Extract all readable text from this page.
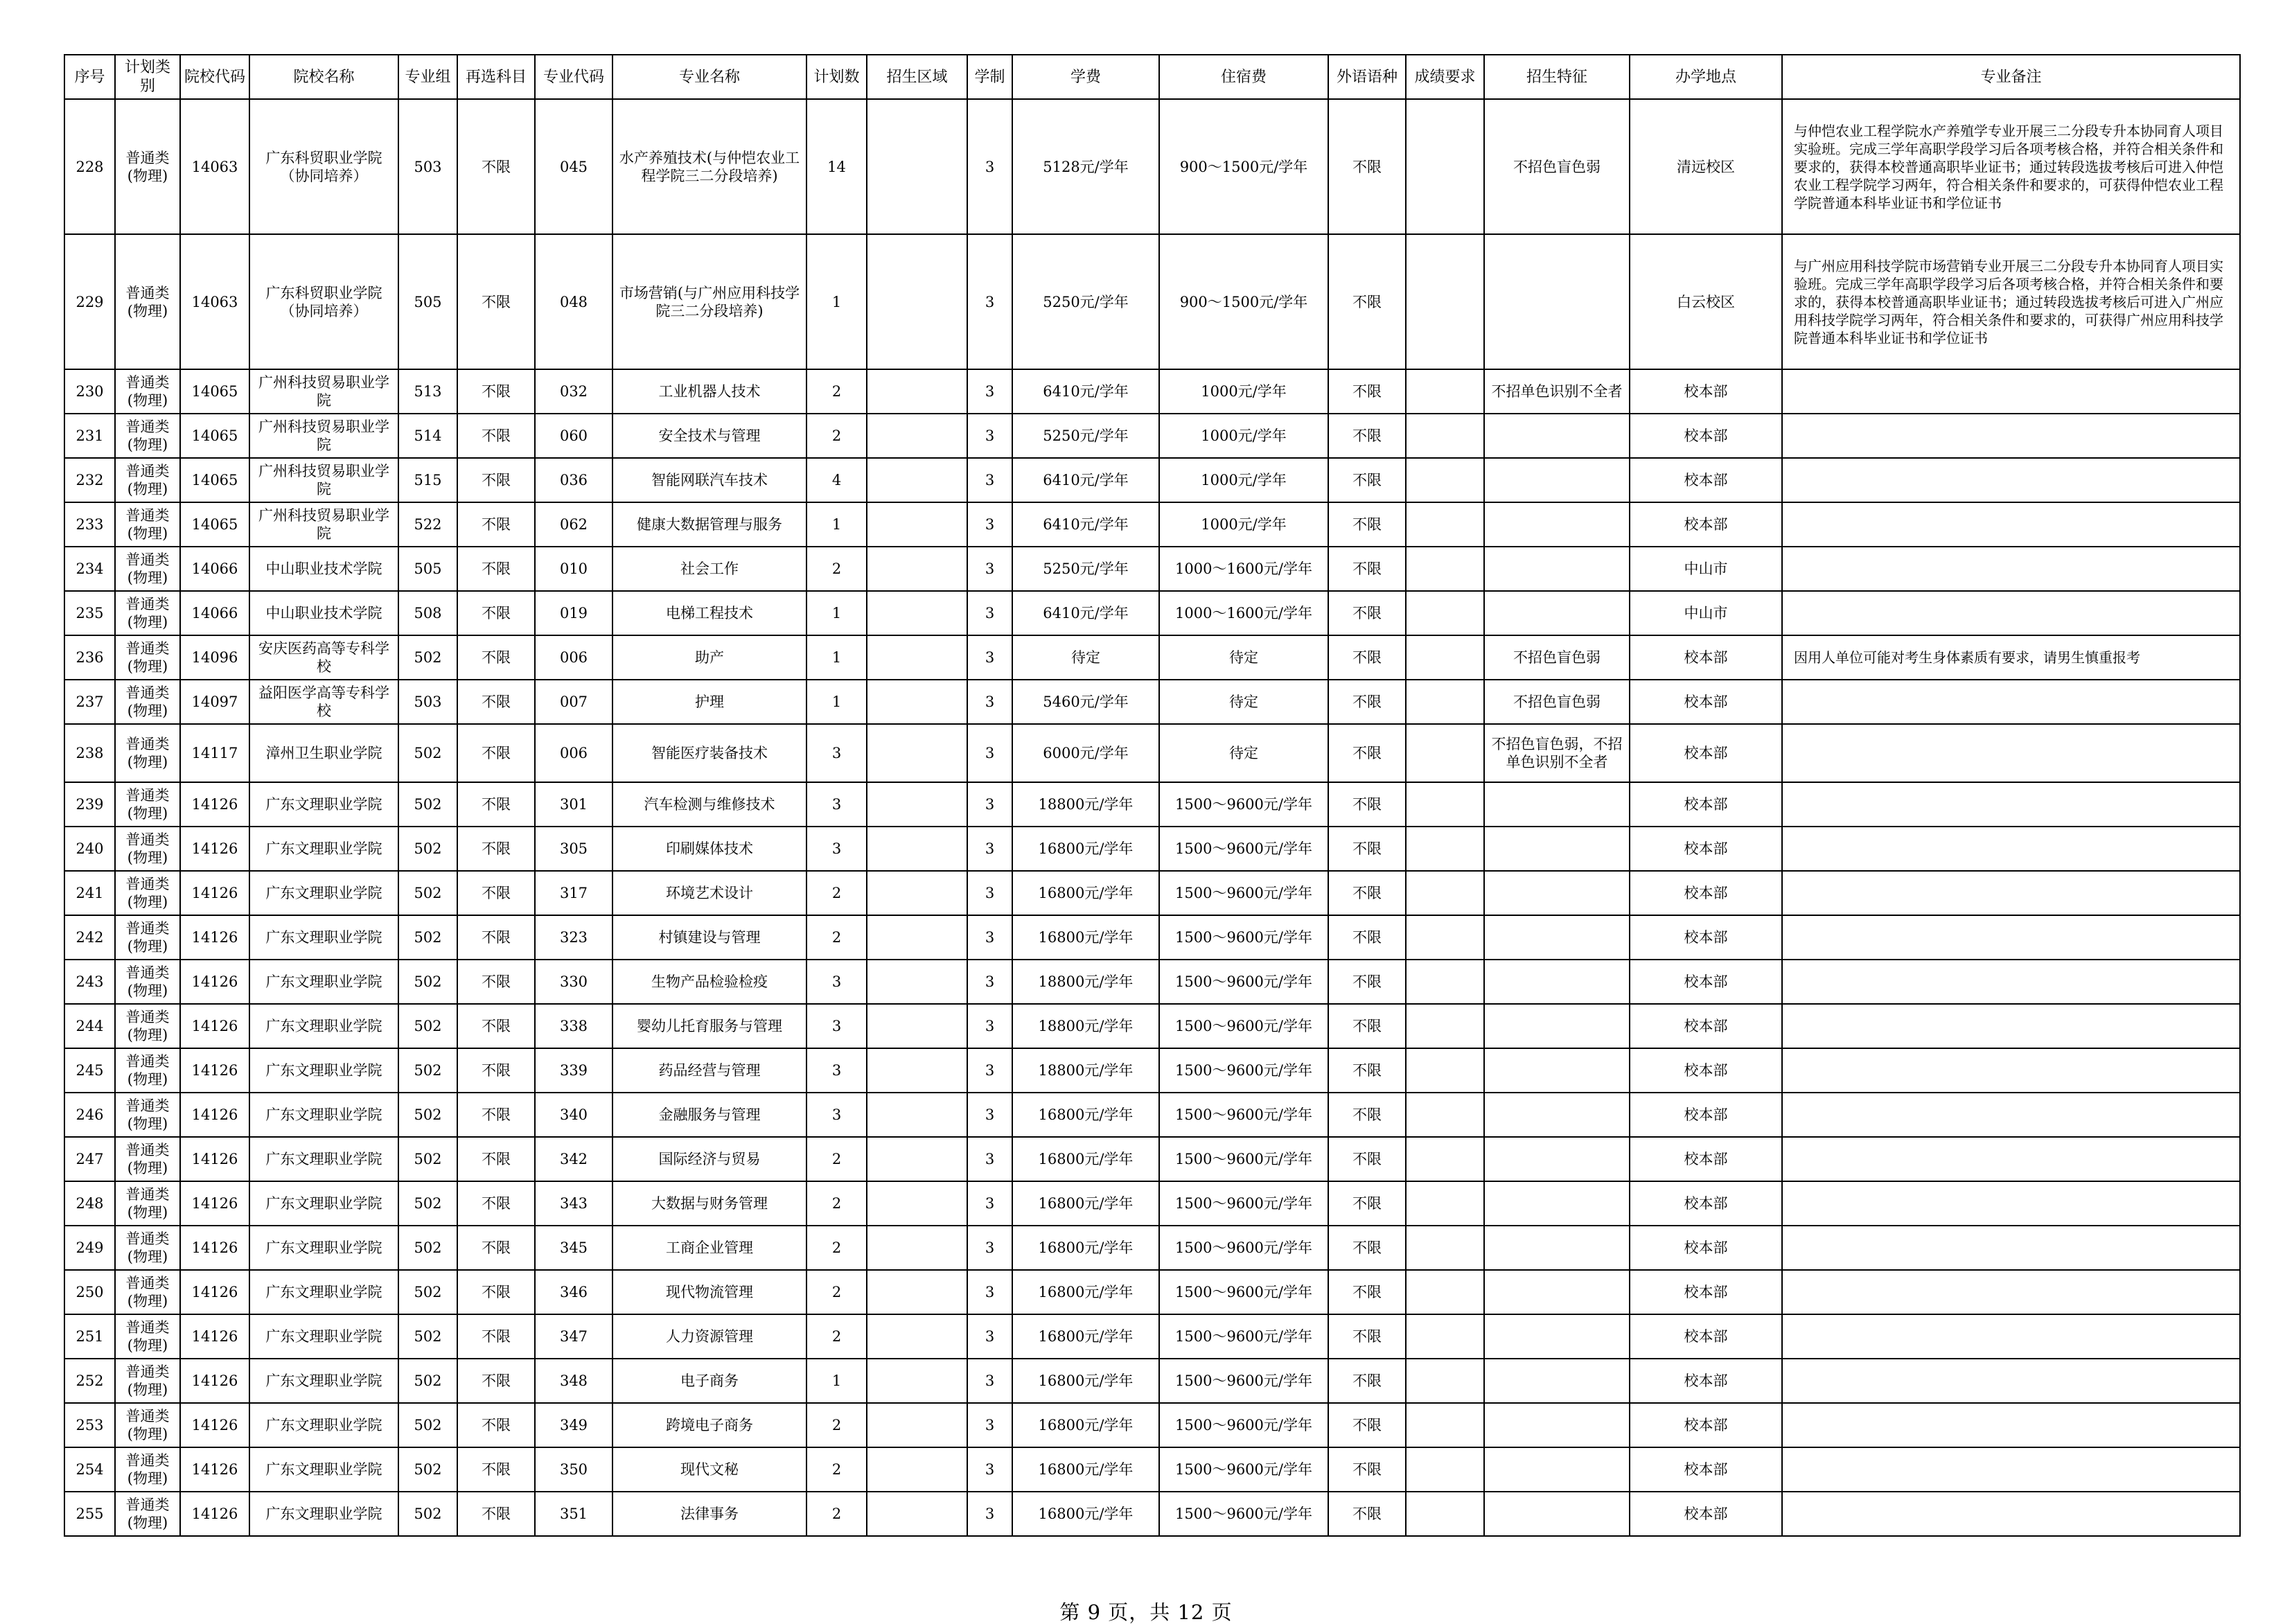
序号	计划类别	院校代码	院校名称	专业组	再选科目	专业代码	专业名称	计划数	招生区域	学制	学费	住宿费	外语语种	成绩要求	招生特征	办学地点	专业备注
228	普通类(物理)	14063	广东科贸职业学院（协同培养）	503	不限	045	水产养殖技术(与仲恺农业工程学院三二分段培养)	14		3	5128元/学年	900～1500元/学年	不限		不招色盲色弱	清远校区	与仲恺农业工程学院水产养殖学专业开展三二分段专升本协同育人项目实验班。完成三学年高职学段学习后各项考核合格，并符合相关条件和要求的，获得本校普通高职毕业证书；通过转段选拔考核后可进入仲恺农业工程学院学习两年，符合相关条件和要求的，可获得仲恺农业工程学院普通本科毕业证书和学位证书
229	普通类(物理)	14063	广东科贸职业学院（协同培养）	505	不限	048	市场营销(与广州应用科技学院三二分段培养)	1		3	5250元/学年	900～1500元/学年	不限			白云校区	与广州应用科技学院市场营销专业开展三二分段专升本协同育人项目实验班。完成三学年高职学段学习后各项考核合格，并符合相关条件和要求的，获得本校普通高职毕业证书；通过转段选拔考核后可进入广州应用科技学院学习两年，符合相关条件和要求的，可获得广州应用科技学院普通本科毕业证书和学位证书
230	普通类(物理)	14065	广州科技贸易职业学院	513	不限	032	工业机器人技术	2		3	6410元/学年	1000元/学年	不限		不招单色识别不全者	校本部	
231	普通类(物理)	14065	广州科技贸易职业学院	514	不限	060	安全技术与管理	2		3	5250元/学年	1000元/学年	不限			校本部	
232	普通类(物理)	14065	广州科技贸易职业学院	515	不限	036	智能网联汽车技术	4		3	6410元/学年	1000元/学年	不限			校本部	
233	普通类(物理)	14065	广州科技贸易职业学院	522	不限	062	健康大数据管理与服务	1		3	6410元/学年	1000元/学年	不限			校本部	
234	普通类(物理)	14066	中山职业技术学院	505	不限	010	社会工作	2		3	5250元/学年	1000～1600元/学年	不限			中山市	
235	普通类(物理)	14066	中山职业技术学院	508	不限	019	电梯工程技术	1		3	6410元/学年	1000～1600元/学年	不限			中山市	
236	普通类(物理)	14096	安庆医药高等专科学校	502	不限	006	助产	1		3	待定	待定	不限		不招色盲色弱	校本部	因用人单位可能对考生身体素质有要求，请男生慎重报考
237	普通类(物理)	14097	益阳医学高等专科学校	503	不限	007	护理	1		3	5460元/学年	待定	不限		不招色盲色弱	校本部	
238	普通类(物理)	14117	漳州卫生职业学院	502	不限	006	智能医疗装备技术	3		3	6000元/学年	待定	不限		不招色盲色弱，不招单色识别不全者	校本部	
239	普通类(物理)	14126	广东文理职业学院	502	不限	301	汽车检测与维修技术	3		3	18800元/学年	1500～9600元/学年	不限			校本部	
240	普通类(物理)	14126	广东文理职业学院	502	不限	305	印刷媒体技术	3		3	16800元/学年	1500～9600元/学年	不限			校本部	
241	普通类(物理)	14126	广东文理职业学院	502	不限	317	环境艺术设计	2		3	16800元/学年	1500～9600元/学年	不限			校本部	
242	普通类(物理)	14126	广东文理职业学院	502	不限	323	村镇建设与管理	2		3	16800元/学年	1500～9600元/学年	不限			校本部	
243	普通类(物理)	14126	广东文理职业学院	502	不限	330	生物产品检验检疫	3		3	18800元/学年	1500～9600元/学年	不限			校本部	
244	普通类(物理)	14126	广东文理职业学院	502	不限	338	婴幼儿托育服务与管理	3		3	18800元/学年	1500～9600元/学年	不限			校本部	
245	普通类(物理)	14126	广东文理职业学院	502	不限	339	药品经营与管理	3		3	18800元/学年	1500～9600元/学年	不限			校本部	
246	普通类(物理)	14126	广东文理职业学院	502	不限	340	金融服务与管理	3		3	16800元/学年	1500～9600元/学年	不限			校本部	
247	普通类(物理)	14126	广东文理职业学院	502	不限	342	国际经济与贸易	2		3	16800元/学年	1500～9600元/学年	不限			校本部	
248	普通类(物理)	14126	广东文理职业学院	502	不限	343	大数据与财务管理	2		3	16800元/学年	1500～9600元/学年	不限			校本部	
249	普通类(物理)	14126	广东文理职业学院	502	不限	345	工商企业管理	2		3	16800元/学年	1500～9600元/学年	不限			校本部	
250	普通类(物理)	14126	广东文理职业学院	502	不限	346	现代物流管理	2		3	16800元/学年	1500～9600元/学年	不限			校本部	
251	普通类(物理)	14126	广东文理职业学院	502	不限	347	人力资源管理	2		3	16800元/学年	1500～9600元/学年	不限			校本部	
252	普通类(物理)	14126	广东文理职业学院	502	不限	348	电子商务	1		3	16800元/学年	1500～9600元/学年	不限			校本部	
253	普通类(物理)	14126	广东文理职业学院	502	不限	349	跨境电子商务	2		3	16800元/学年	1500～9600元/学年	不限			校本部	
254	普通类(物理)	14126	广东文理职业学院	502	不限	350	现代文秘	2		3	16800元/学年	1500～9600元/学年	不限			校本部	
255	普通类(物理)	14126	广东文理职业学院	502	不限	351	法律事务	2		3	16800元/学年	1500～9600元/学年	不限			校本部	
第 9 页，共 12 页
